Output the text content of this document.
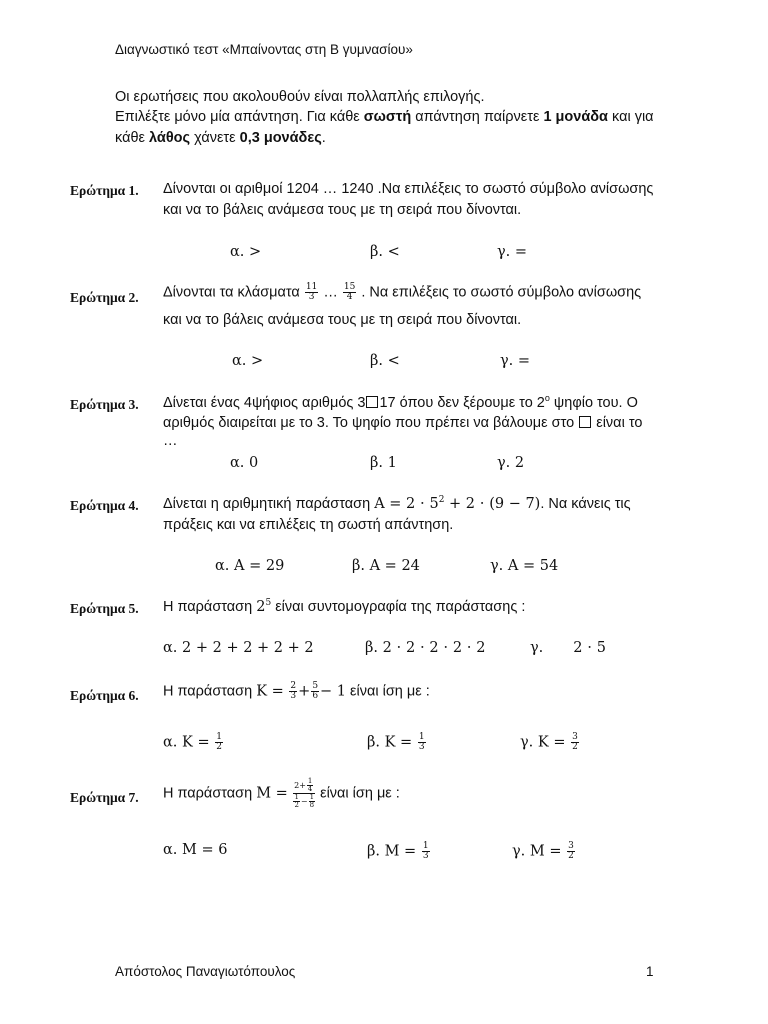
Διαγνωστικό τεστ «Μπαίνοντας στη Β γυμνασίου»
Οι ερωτήσεις που ακολουθούν είναι πολλαπλής επιλογής.
Επιλέξτε μόνο μία απάντηση. Για κάθε σωστή απάντηση παίρνετε 1 μονάδα και για
κάθε λάθος χάνετε 0,3 μονάδες.
Ερώτημα 1. Δίνονται οι αριθμοί 1204 … 1240 .Να επιλέξεις το σωστό σύμβολο ανίσωσης
και να το βάλεις ανάμεσα τους με τη σειρά που δίνονται.
α. >	β. <	γ. =
Ερώτημα 2. Δίνονται τα κλάσματα $\frac{11}{3}$ … $\frac{15}{4}$ . Να επιλέξεις το σωστό σύμβολο ανίσωσης
και να το βάλεις ανάμεσα τους με τη σειρά που δίνονται.
α. >	β. <	γ. =
Ερώτημα 3. Δίνεται ένας 4ψήφιος αριθμός 3 17 όπου δεν ξέρουμε το $2^o$ ψηφίο του. Ο
αριθμός διαιρείται με το 3. Το ψηφίο που πρέπει να βάλουμε στο  είναι το
…
α. 0	β. 1	γ. 2
Ερώτημα 4. Δίνεται η αριθμητική παράσταση $A = 2 \cdot 5^2 + 2 \cdot (9 - 7)$. Να κάνεις τις
πράξεις και να επιλέξεις τη σωστή απάντηση.
α. Α = 29	β. Α = 24	γ. Α = 54
Ερώτημα 5. Η παράσταση $2^5$ είναι συντομογραφία της παράστασης :
α. 2 + 2 + 2 + 2 + 2	β. 2 ⋅ 2 ⋅ 2 ⋅ 2 ⋅ 2	γ. 2 ⋅ 5
Ερώτημα 6. Η παράσταση $K = \frac{2}{3} + \frac{5}{6} - 1$ είναι ίση με :
α. $K = \frac{1}{2}$	β. $K = \frac{1}{3}$	γ. $K = \frac{3}{2}$
Ερώτημα 7. Η παράσταση $M = \frac{2+ \frac{1}{4}}{\frac{1}{2} - \frac{1}{8}}$ είναι ίση με :
α. Μ = 6	β. $M = \frac{1}{3}$	γ. $M = \frac{3}{2}$
Απόστολος Παναγιωτόπουλος	1
